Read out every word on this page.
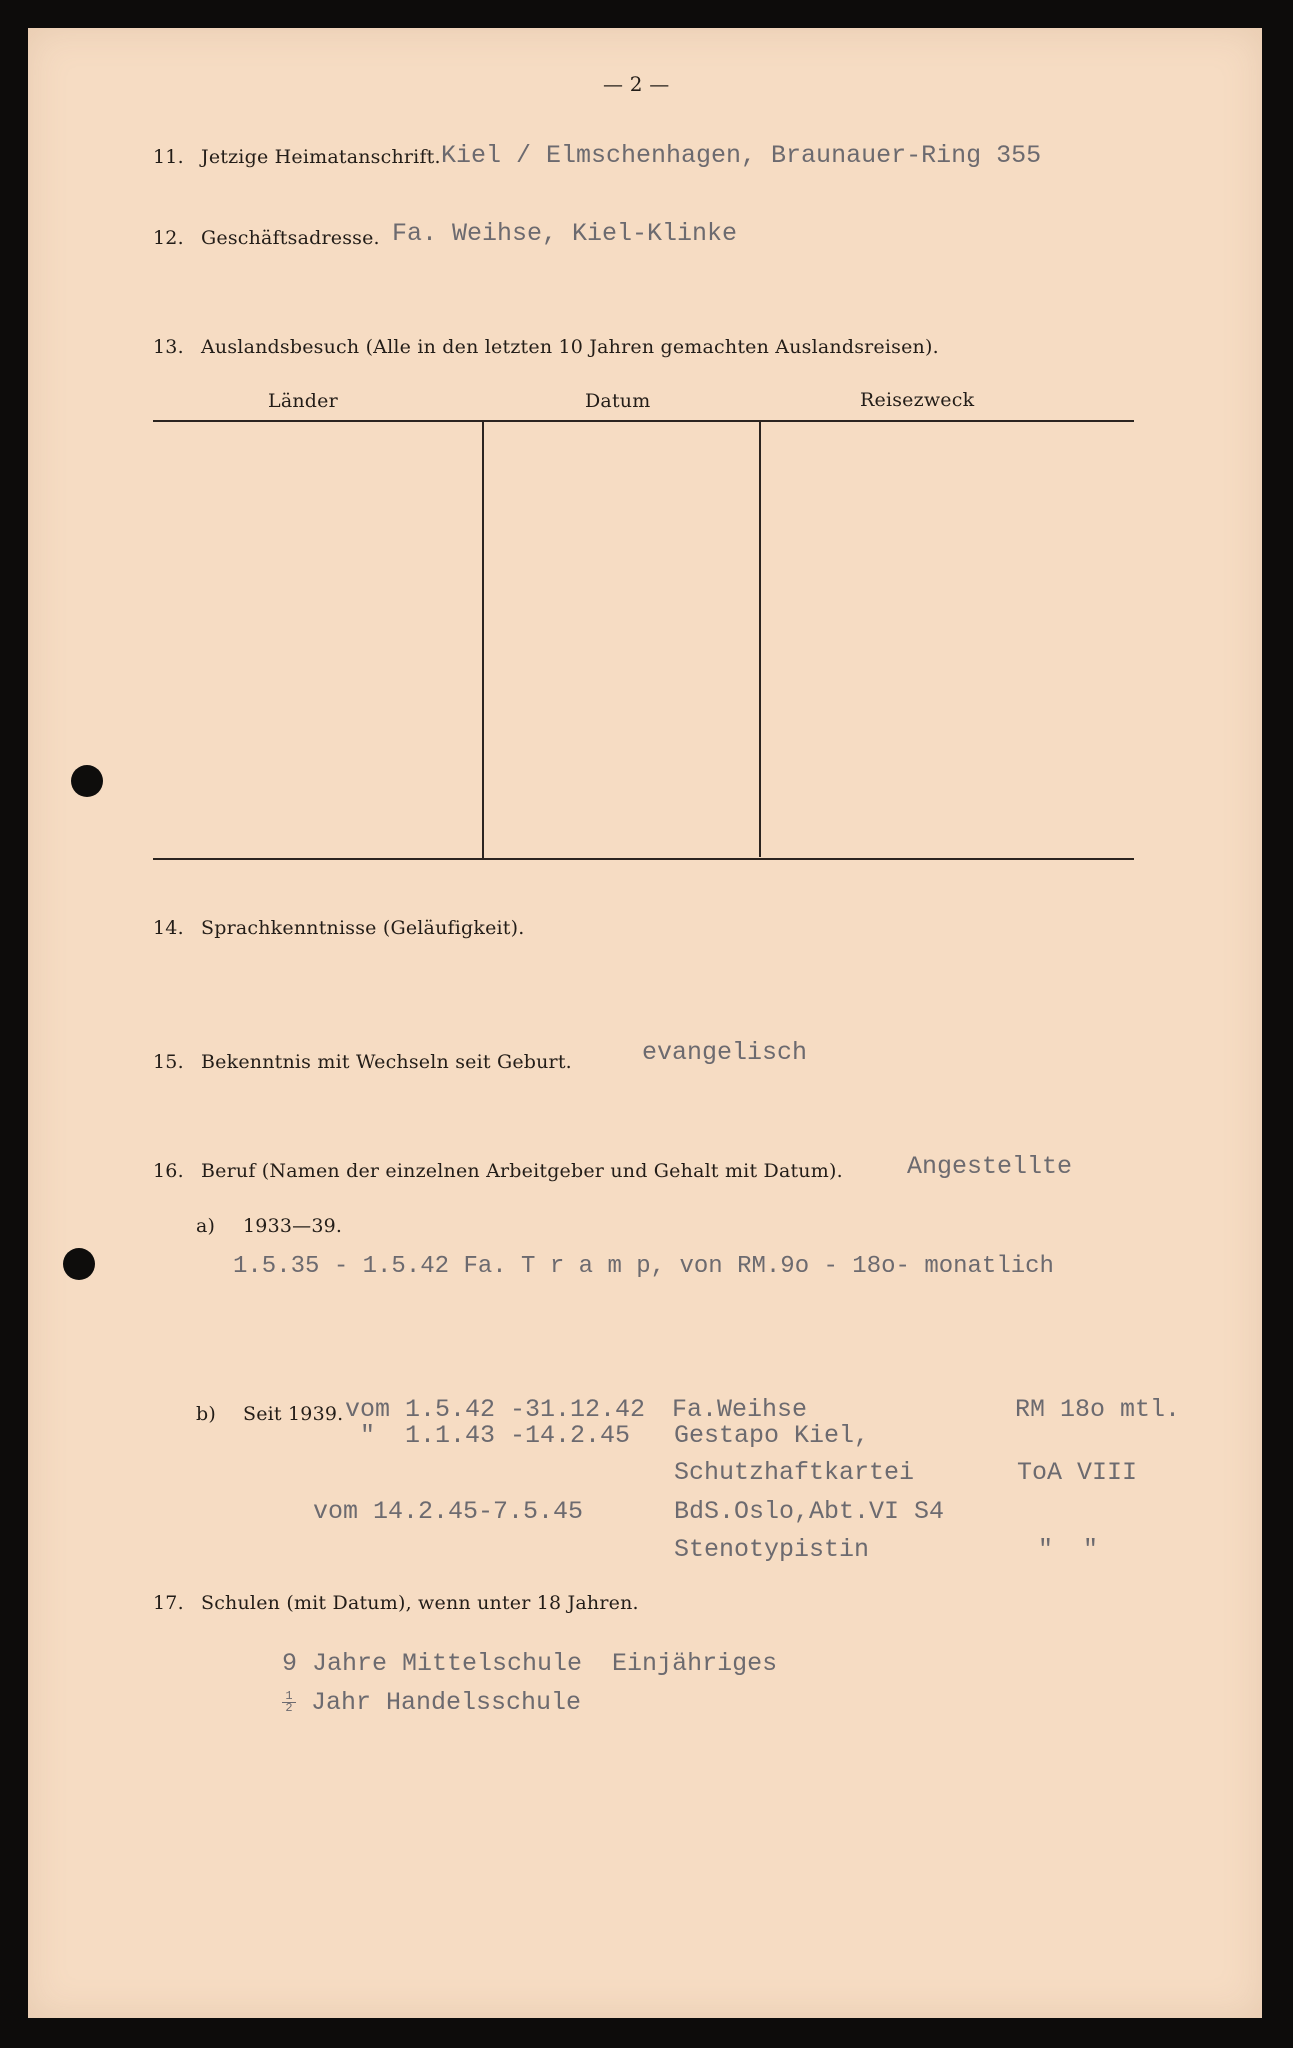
— 2 —
11. Jetzige Heimatanschrift. Kiel / Elmschenhagen, Braunauer-Ring 355
12. Geschäftsadresse. Fa. Weihse, Kiel-Klinke
13. Auslandsbesuch (Alle in den letzten 10 Jahren gemachten Auslandsreisen).
Länder	Datum	Reisezweck
14. Sprachkenntnisse (Geläufigkeit).
15. Bekenntnis mit Wechseln seit Geburt.	evangelisch
16. Beruf (Namen der einzelnen Arbeitgeber und Gehalt mit Datum).	Angestellte
a) 1933—39.
1.5.35 - 1.5.42 Fa. T r a m p, von RM.9o - 18o- monatlich
b) Seit 1939. vom 1.5.42 -31.12.42 Fa.Weihse	RM 18o mtl.
"  1.1.43 -14.2.45 Gestapo Kiel,
Schutzhaftkartei	ToA VIII
vom 14.2.45-7.5.45	BdS.Oslo,Abt.VI S4
Stenotypistin	"  "
17. Schulen (mit Datum), wenn unter 18 Jahren.
9 Jahre Mittelschule  Einjähriges
$\frac{1}{2}$ Jahr Handelsschule
